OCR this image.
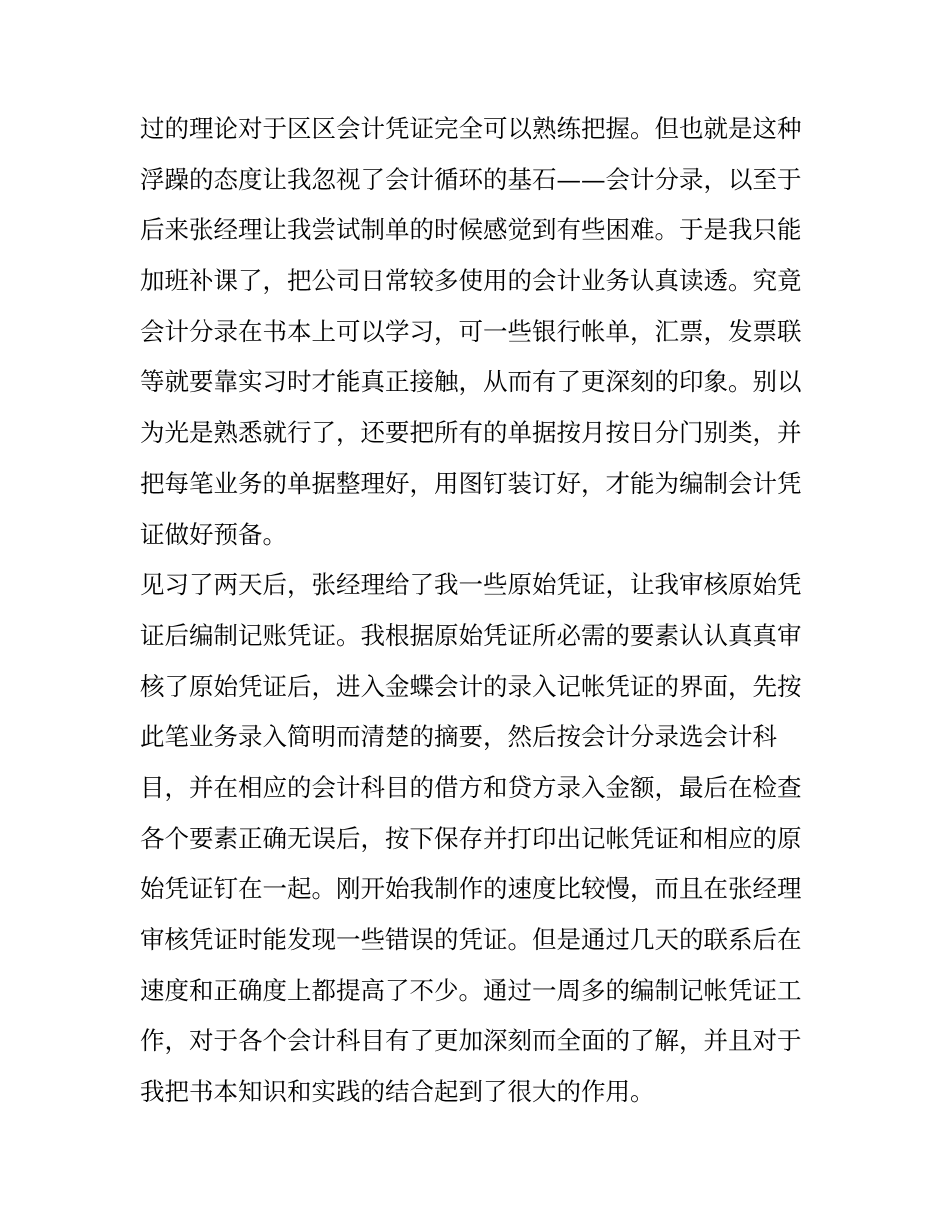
过的理论对于区区会计凭证完全可以熟练把握。但也就是这种
浮躁的态度让我忽视了会计循环的基石——会计分录，以至于
后来张经理让我尝试制单的时候感觉到有些困难。于是我只能
加班补课了，把公司日常较多使用的会计业务认真读透。究竟
会计分录在书本上可以学习，可一些银行帐单，汇票，发票联
等就要靠实习时才能真正接触，从而有了更深刻的印象。别以
为光是熟悉就行了，还要把所有的单据按月按日分门别类，并
把每笔业务的单据整理好，用图钉装订好，才能为编制会计凭
证做好预备。
见习了两天后，张经理给了我一些原始凭证，让我审核原始凭
证后编制记账凭证。我根据原始凭证所必需的要素认认真真审
核了原始凭证后，进入金蝶会计的录入记帐凭证的界面，先按
此笔业务录入简明而清楚的摘要，然后按会计分录选会计科
目，并在相应的会计科目的借方和贷方录入金额，最后在检查
各个要素正确无误后，按下保存并打印出记帐凭证和相应的原
始凭证钉在一起。刚开始我制作的速度比较慢，而且在张经理
审核凭证时能发现一些错误的凭证。但是通过几天的联系后在
速度和正确度上都提高了不少。通过一周多的编制记帐凭证工
作，对于各个会计科目有了更加深刻而全面的了解，并且对于
我把书本知识和实践的结合起到了很大的作用。
